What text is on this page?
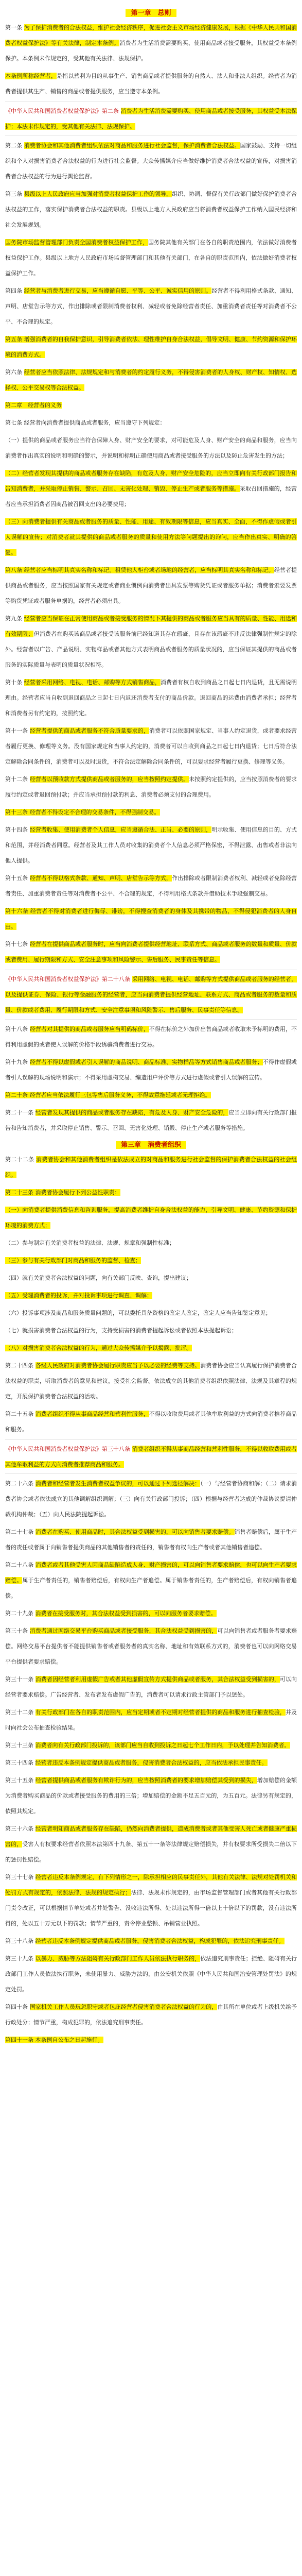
第一章　总则

第一条 为了保护消费者的合法权益，维护社会经济秩序，促进社会主义市场经济健康发展，根据《中华人民共和国消费者权益保护法》等有关法律，制定本条例。消费者为生活消费需要购买、使用商品或者接受服务，其权益受本条例保护。本条例未作规定的，受其他有关法律、法规保护。

本条例所称经营者，是指以营利为目的从事生产、销售商品或者提供服务的自然人、法人和非法人组织。经营者为消费者提供其生产、销售的商品或者提供服务，应当遵守本条例。

《中华人民共和国消费者权益保护法》第二条 消费者为生活消费需要购买、使用商品或者接受服务，其权益受本法保护；本法未作规定的，受其他有关法律、法规保护。

第二条 消费者协会和其他消费者组织依法对商品和服务进行社会监督，保护消费者合法权益。国家鼓励、支持一切组织和个人对损害消费者合法权益的行为进行社会监督。大众传播媒介应当做好维护消费者合法权益的宣传，对损害消费者合法权益的行为进行舆论监督。

第三条 县级以上人民政府应当加强对消费者权益保护工作的领导，组织、协调、督促有关行政部门做好保护消费者合法权益的工作，落实保护消费者合法权益的职责。县级以上地方人民政府应当将消费者权益保护工作纳入国民经济和社会发展规划。

国务院市场监督管理部门负责全国消费者权益保护工作，国务院其他有关部门在各自的职责范围内，依法做好消费者权益保护工作。县级以上地方人民政府市场监督管理部门和其他有关部门，在各自的职责范围内，依法做好消费者权益保护工作。

第四条 经营者与消费者进行交易，应当遵循自愿、平等、公平、诚实信用的原则。经营者不得利用格式条款、通知、声明、店堂告示等方式，作出排除或者限制消费者权利、减轻或者免除经营者责任、加重消费者责任等对消费者不公平、不合理的规定。

第五条 增强消费者的自我保护意识，引导消费者依法、理性维护自身合法权益，倡导文明、健康、节约资源和保护环境的消费方式。

第六条 经营者应当依照法律、法规规定和与消费者的约定履行义务，不得侵害消费者的人身权、财产权、知情权、选择权、公平交易权等合法权益。

第二章　经营者的义务

第七条 经营者向消费者提供商品或者服务，应当遵守下列规定：

（一）提供的商品或者服务应当符合保障人身、财产安全的要求，对可能危及人身、财产安全的商品和服务，应当向消费者作出真实的说明和明确的警示，并说明和标明正确使用商品或者接受服务的方法以及防止危害发生的方法；

（二）经营者发现其提供的商品或者服务存在缺陷，有危及人身、财产安全危险的，应当立即向有关行政部门报告和告知消费者，并采取停止销售、警示、召回、无害化处理、销毁、停止生产或者服务等措施。采取召回措施的，经营者应当承担消费者因商品被召回支出的必要费用；

（三）向消费者提供有关商品或者服务的质量、性能、用途、有效期限等信息，应当真实、全面，不得作虚假或者引人误解的宣传；对消费者就其提供的商品或者服务的质量和使用方法等问题提出的询问，应当作出真实、明确的答复。

第八条 经营者应当标明其真实名称和标记。租赁他人柜台或者场地的经营者，应当标明其真实名称和标记。经营者提供商品或者服务，应当按照国家有关规定或者商业惯例向消费者出具发票等购货凭证或者服务单据；消费者索要发票等购货凭证或者服务单据的，经营者必须出具。

第九条 经营者应当保证在正常使用商品或者接受服务的情况下其提供的商品或者服务应当具有的质量、性能、用途和有效期限；但消费者在购买该商品或者接受该服务前已经知道其存在瑕疵，且存在该瑕疵不违反法律强制性规定的除外。经营者以广告、产品说明、实物样品或者其他方式表明商品或者服务的质量状况的，应当保证其提供的商品或者服务的实际质量与表明的质量状况相符。

第十条 经营者采用网络、电视、电话、邮购等方式销售商品，消费者有权自收到商品之日起七日内退货，且无需说明理由。经营者应当自收到退回商品之日起七日内返还消费者支付的商品价款。退回商品的运费由消费者承担；经营者和消费者另有约定的，按照约定。

第十一条 经营者提供的商品或者服务不符合质量要求的，消费者可以依照国家规定、当事人约定退货，或者要求经营者履行更换、修理等义务。没有国家规定和当事人约定的，消费者可以自收到商品之日起七日内退货；七日后符合法定解除合同条件的，消费者可以及时退货，不符合法定解除合同条件的，可以要求经营者履行更换、修理等义务。

第十二条 经营者以预收款方式提供商品或者服务的，应当按照约定提供。未按照约定提供的，应当按照消费者的要求履行约定或者退回预付款；并应当承担预付款的利息、消费者必须支付的合理费用。

第十三条 经营者不得设定不合理的交易条件，不得强制交易。

第十四条 经营者收集、使用消费者个人信息，应当遵循合法、正当、必要的原则，明示收集、使用信息的目的、方式和范围，并经消费者同意。经营者及其工作人员对收集的消费者个人信息必须严格保密，不得泄露、出售或者非法向他人提供。

第十五条 经营者不得以格式条款、通知、声明、店堂告示等方式，作出排除或者限制消费者权利、减轻或者免除经营者责任、加重消费者责任等对消费者不公平、不合理的规定，不得利用格式条款并借助技术手段强制交易。

第十六条 经营者不得对消费者进行侮辱、诽谤，不得搜查消费者的身体及其携带的物品，不得侵犯消费者的人身自由。

第十七条 经营者在提供商品或者服务时，应当向消费者提供经营地址、联系方式、商品或者服务的数量和质量、价款或者费用、履行期限和方式、安全注意事项和风险警示、售后服务、民事责任等信息。

《中华人民共和国消费者权益保护法》第二十八条 采用网络、电视、电话、邮购等方式提供商品或者服务的经营者，以及提供证券、保险、银行等金融服务的经营者，应当向消费者提供经营地址、联系方式、商品或者服务的数量和质量、价款或者费用、履行期限和方式、安全注意事项和风险警示、售后服务、民事责任等信息。

第十八条 经营者对其提供的商品或者服务应当明码标价，不得在标价之外加价出售商品或者收取未予标明的费用，不得利用虚假的或者使人误解的价格手段诱骗消费者进行交易。

第十九条 经营者不得以虚假或者引人误解的商品说明、商品标准、实物样品等方式销售商品或者服务；不得作虚假或者引人误解的现场说明和演示；不得采用虚构交易、编造用户评价等方式进行虚假或者引人误解的宣传。

第二十条 经营者应当依法履行三包等售后服务义务，不得故意拖延或者无理拒绝。

第二十一条 经营者发现其提供的商品或者服务存在缺陷，有危及人身、财产安全危险的，应当立即向有关行政部门报告和告知消费者，并采取停止销售、警示、召回、无害化处理、销毁、停止生产或者服务等措施。

第三章　消费者组织

第二十二条 消费者协会和其他消费者组织是依法成立的对商品和服务进行社会监督的保护消费者合法权益的社会组织。

第二十三条 消费者协会履行下列公益性职责：

（一）向消费者提供消费信息和咨询服务，提高消费者维护自身合法权益的能力，引导文明、健康、节约资源和保护环境的消费方式；

（二）参与制定有关消费者权益的法律、法规、规章和强制性标准；

（三）参与有关行政部门对商品和服务的监督、检查；

（四）就有关消费者合法权益的问题，向有关部门反映、查询，提出建议；

（五）受理消费者的投诉，并对投诉事项进行调查、调解；

（六）投诉事项涉及商品和服务质量问题的，可以委托具备资格的鉴定人鉴定，鉴定人应当告知鉴定意见；

（七）就损害消费者合法权益的行为，支持受损害的消费者提起诉讼或者依照本法提起诉讼；

（八）对损害消费者合法权益的行为，通过大众传播媒介予以揭露、批评。

第二十四条 各级人民政府对消费者协会履行职责应当予以必要的经费等支持。消费者协会应当认真履行保护消费者合法权益的职责，听取消费者的意见和建议，接受社会监督。依法成立的其他消费者组织依照法律、法规及其章程的规定，开展保护消费者合法权益的活动。

第二十五条 消费者组织不得从事商品经营和营利性服务，不得以收取费用或者其他牟取利益的方式向消费者推荐商品和服务。

《中华人民共和国消费者权益保护法》第三十八条 消费者组织不得从事商品经营和营利性服务，不得以收取费用或者其他牟取利益的方式向消费者推荐商品和服务。

第二十六条 消费者和经营者发生消费者权益争议的，可以通过下列途径解决：（一）与经营者协商和解；（二）请求消费者协会或者依法成立的其他调解组织调解；（三）向有关行政部门投诉；（四）根据与经营者达成的仲裁协议提请仲裁机构仲裁；（五）向人民法院提起诉讼。

第二十七条 消费者在购买、使用商品时，其合法权益受到损害的，可以向销售者要求赔偿。销售者赔偿后，属于生产者的责任或者属于向销售者提供商品的其他销售者的责任的，销售者有权向生产者或者其他销售者追偿。

第二十八条 消费者或者其他受害人因商品缺陷造成人身、财产损害的，可以向销售者要求赔偿，也可以向生产者要求赔偿。属于生产者责任的，销售者赔偿后，有权向生产者追偿。属于销售者责任的，生产者赔偿后，有权向销售者追偿。

第二十九条 消费者在接受服务时，其合法权益受到损害的，可以向服务者要求赔偿。

第三十条 消费者通过网络交易平台购买商品或者接受服务，其合法权益受到损害的，可以向销售者或者服务者要求赔偿。网络交易平台提供者不能提供销售者或者服务者的真实名称、地址和有效联系方式的，消费者也可以向网络交易平台提供者要求赔偿。

第三十一条 消费者因经营者利用虚假广告或者其他虚假宣传方式提供商品或者服务，其合法权益受到损害的，可以向经营者要求赔偿。广告经营者、发布者发布虚假广告的，消费者可以请求行政主管部门予以惩处。

第三十二条 有关行政部门在各自的职责范围内，应当定期或者不定期对经营者提供的商品和服务进行抽查检验，并及时向社会公布抽查检验结果。

第三十三条 消费者向有关行政部门投诉的，该部门应当自收到投诉之日起七个工作日内，予以处理并告知消费者。

第三十四条 经营者违反本条例规定提供商品或者服务，侵害消费者合法权益的，应当依法承担民事责任。

第三十五条 经营者提供商品或者服务有欺诈行为的，应当按照消费者的要求增加赔偿其受到的损失，增加赔偿的金额为消费者购买商品的价款或者接受服务的费用的三倍；增加赔偿的金额不足五百元的，为五百元。法律另有规定的，依照其规定。

第三十六条 经营者明知商品或者服务存在缺陷，仍然向消费者提供，造成消费者或者其他受害人死亡或者健康严重损害的，受害人有权要求经营者依照本法第四十九条、第五十一条等法律规定赔偿损失，并有权要求所受损失二倍以下的惩罚性赔偿。

第三十七条 经营者违反本条例规定，有下列情形之一，除承担相应的民事责任外，其他有关法律、法规对处罚机关和处罚方式有规定的，依照法律、法规的规定执行；法律、法规未作规定的，由市场监督管理部门或者其他有关行政部门责令改正，可以根据情节单处或者并处警告、没收违法所得、处以违法所得一倍以上十倍以下的罚款，没有违法所得的，处以五十万元以下的罚款；情节严重的，责令停业整顿、吊销营业执照。

第三十八条 经营者违反本条例规定提供商品或者服务，侵害消费者合法权益，构成犯罪的，依法追究刑事责任。

第三十九条 以暴力、威胁等方法阻碍有关行政部门工作人员依法执行职务的，依法追究刑事责任；拒绝、阻碍有关行政部门工作人员依法执行职务，未使用暴力、威胁方法的，由公安机关依照《中华人民共和国治安管理处罚法》的规定处罚。

第四十条 国家机关工作人员玩忽职守或者包庇经营者侵害消费者合法权益的行为的，由其所在单位或者上级机关给予行政处分；情节严重，构成犯罪的，依法追究刑事责任。

第四十一条 本条例自公布之日起施行。
